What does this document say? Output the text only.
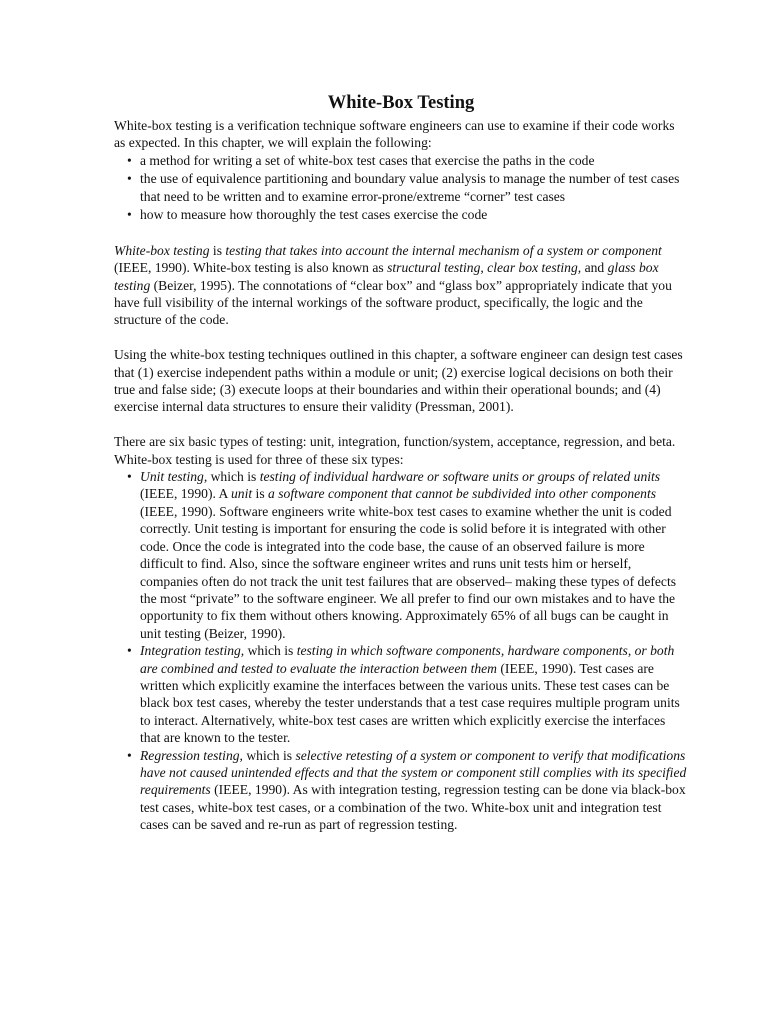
White-Box Testing

White-box testing is a verification technique software engineers can use to examine if their code works as expected. In this chapter, we will explain the following:

• a method for writing a set of white-box test cases that exercise the paths in the code
• the use of equivalence partitioning and boundary value analysis to manage the number of test cases that need to be written and to examine error-prone/extreme “corner” test cases
• how to measure how thoroughly the test cases exercise the code

White-box testing is testing that takes into account the internal mechanism of a system or component (IEEE, 1990). White-box testing is also known as structural testing, clear box testing, and glass box testing (Beizer, 1995). The connotations of “clear box” and “glass box” appropriately indicate that you have full visibility of the internal workings of the software product, specifically, the logic and the structure of the code.

Using the white-box testing techniques outlined in this chapter, a software engineer can design test cases that (1) exercise independent paths within a module or unit; (2) exercise logical decisions on both their true and false side; (3) execute loops at their boundaries and within their operational bounds; and (4) exercise internal data structures to ensure their validity (Pressman, 2001).

There are six basic types of testing: unit, integration, function/system, acceptance, regression, and beta. White-box testing is used for three of these six types:

• Unit testing, which is testing of individual hardware or software units or groups of related units (IEEE, 1990). A unit is a software component that cannot be subdivided into other components (IEEE, 1990). Software engineers write white-box test cases to examine whether the unit is coded correctly. Unit testing is important for ensuring the code is solid before it is integrated with other code. Once the code is integrated into the code base, the cause of an observed failure is more difficult to find. Also, since the software engineer writes and runs unit tests him or herself, companies often do not track the unit test failures that are observed– making these types of defects the most “private” to the software engineer. We all prefer to find our own mistakes and to have the opportunity to fix them without others knowing. Approximately 65% of all bugs can be caught in unit testing (Beizer, 1990).
• Integration testing, which is testing in which software components, hardware components, or both are combined and tested to evaluate the interaction between them (IEEE, 1990). Test cases are written which explicitly examine the interfaces between the various units. These test cases can be black box test cases, whereby the tester understands that a test case requires multiple program units to interact. Alternatively, white-box test cases are written which explicitly exercise the interfaces that are known to the tester.
• Regression testing, which is selective retesting of a system or component to verify that modifications have not caused unintended effects and that the system or component still complies with its specified requirements (IEEE, 1990). As with integration testing, regression testing can be done via black-box test cases, white-box test cases, or a combination of the two. White-box unit and integration test cases can be saved and re-run as part of regression testing.
